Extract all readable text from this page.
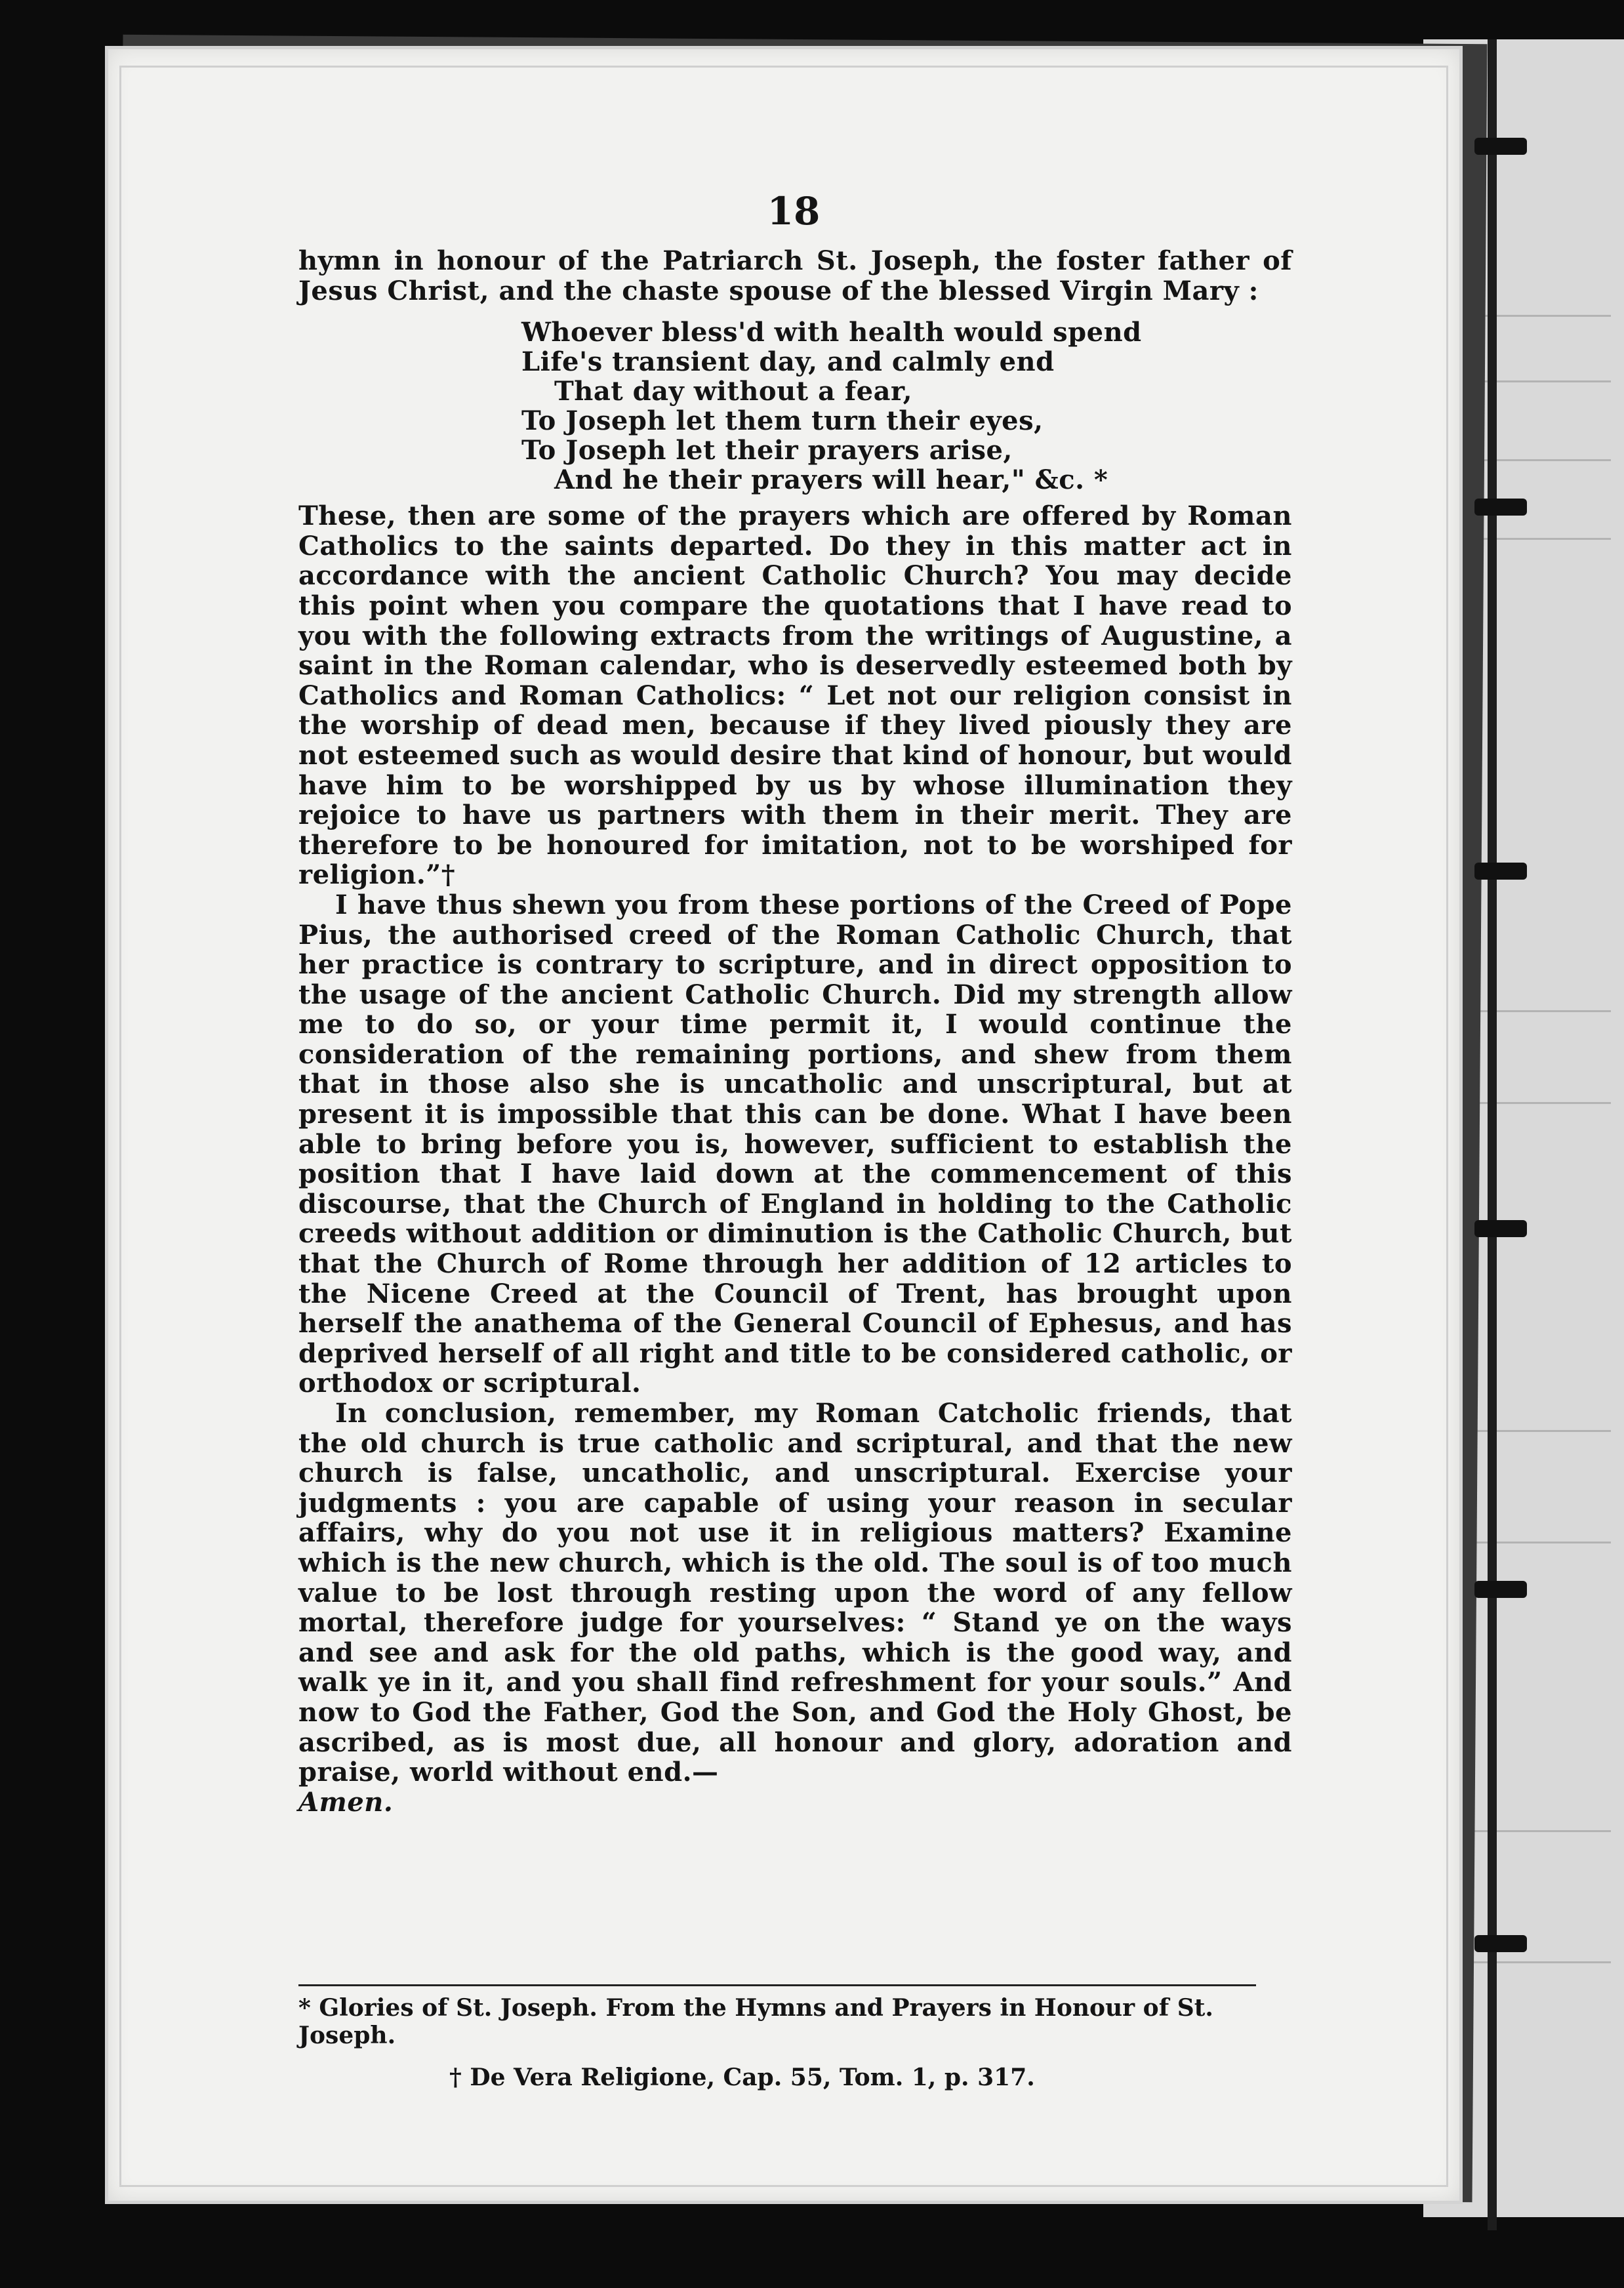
18

hymn in honour of the Patriarch St. Joseph, the foster father of Jesus Christ, and the chaste spouse of the blessed Virgin Mary :

Whoever bless'd with health would spend
Life's transient day, and calmly end
That day without a fear,
To Joseph let them turn their eyes,
To Joseph let their prayers arise,
And he their prayers will hear," &c. *

These, then are some of the prayers which are offered by Roman Catholics to the saints departed. Do they in this matter act in accordance with the ancient Catholic Church? You may decide this point when you compare the quotations that I have read to you with the following extracts from the writings of Augustine, a saint in the Roman calendar, who is deservedly esteemed both by Catholics and Roman Catholics: “ Let not our religion consist in the worship of dead men, because if they lived piously they are not esteemed such as would desire that kind of honour, but would have him to be worshipped by us by whose illumination they rejoice to have us partners with them in their merit. They are therefore to be honoured for imitation, not to be worshiped for religion.”†

I have thus shewn you from these portions of the Creed of Pope Pius, the authorised creed of the Roman Catholic Church, that her practice is contrary to scripture, and in direct opposition to the usage of the ancient Catholic Church. Did my strength allow me to do so, or your time permit it, I would continue the consideration of the remaining portions, and shew from them that in those also she is uncatholic and unscriptural, but at present it is impossible that this can be done. What I have been able to bring before you is, however, sufficient to establish the position that I have laid down at the commencement of this discourse, that the Church of England in holding to the Catholic creeds without addition or diminution is the Catholic Church, but that the Church of Rome through her addition of 12 articles to the Nicene Creed at the Council of Trent, has brought upon herself the anathema of the General Council of Ephesus, and has deprived herself of all right and title to be considered catholic, or orthodox or scriptural.

In conclusion, remember, my Roman Catcholic friends, that the old church is true catholic and scriptural, and that the new church is false, uncatholic, and unscriptural. Exercise your judgments : you are capable of using your reason in secular affairs, why do you not use it in religious matters? Examine which is the new church, which is the old. The soul is of too much value to be lost through resting upon the word of any fellow mortal, therefore judge for yourselves: “ Stand ye on the ways and see and ask for the old paths, which is the good way, and walk ye in it, and you shall find refreshment for your souls.” And now to God the Father, God the Son, and God the Holy Ghost, be ascribed, as is most due, all honour and glory, adoration and praise, world without end.—

Amen.

* Glories of St. Joseph. From the Hymns and Prayers in Honour of St. Joseph.

† De Vera Religione, Cap. 55, Tom. 1, p. 317.
